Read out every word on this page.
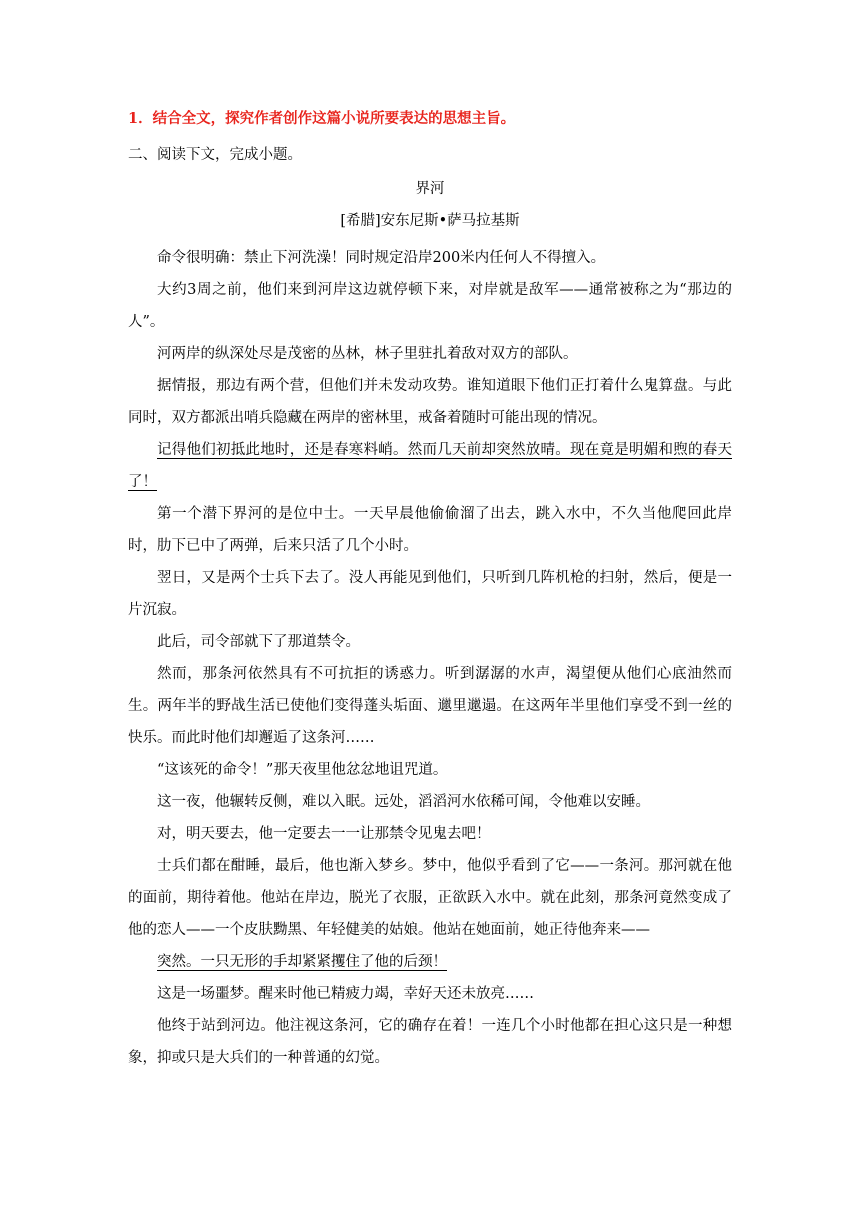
1．结合全文，探究作者创作这篇小说所要表达的思想主旨。

二、阅读下文，完成小题。

界河

[希腊]安东尼斯•萨马拉基斯

命令很明确：禁止下河洗澡！同时规定沿岸200米内任何人不得擅入。

大约3周之前，他们来到河岸这边就停顿下来，对岸就是敌军——通常被称之为“那边的人”。

河两岸的纵深处尽是茂密的丛林，林子里驻扎着敌对双方的部队。

据情报，那边有两个营，但他们并未发动攻势。谁知道眼下他们正打着什么鬼算盘。与此同时，双方都派出哨兵隐藏在两岸的密林里，戒备着随时可能出现的情况。

记得他们初抵此地时，还是春寒料峭。然而几天前却突然放晴。现在竟是明媚和煦的春天了！

第一个潜下界河的是位中士。一天早晨他偷偷溜了出去，跳入水中，不久当他爬回此岸时，肋下已中了两弹，后来只活了几个小时。

翌日，又是两个士兵下去了。没人再能见到他们，只听到几阵机枪的扫射，然后，便是一片沉寂。

此后，司令部就下了那道禁令。

然而，那条河依然具有不可抗拒的诱惑力。听到潺潺的水声，渴望便从他们心底油然而生。两年半的野战生活已使他们变得蓬头垢面、邋里邋遢。在这两年半里他们享受不到一丝的快乐。而此时他们却邂逅了这条河……

“这该死的命令！”那天夜里他忿忿地诅咒道。

这一夜，他辗转反侧，难以入眠。远处，滔滔河水依稀可闻，令他难以安睡。

对，明天要去，他一定要去一一让那禁令见鬼去吧！

士兵们都在酣睡，最后，他也渐入梦乡。梦中，他似乎看到了它——一条河。那河就在他的面前，期待着他。他站在岸边，脱光了衣服，正欲跃入水中。就在此刻，那条河竟然变成了他的恋人——一个皮肤黝黑、年轻健美的姑娘。他站在她面前，她正待他奔来——

突然。一只无形的手却紧紧攫住了他的后颈！

这是一场噩梦。醒来时他已精疲力竭，幸好天还未放亮……

他终于站到河边。他注视这条河，它的确存在着！一连几个小时他都在担心这只是一种想象，抑或只是大兵们的一种普通的幻觉。
